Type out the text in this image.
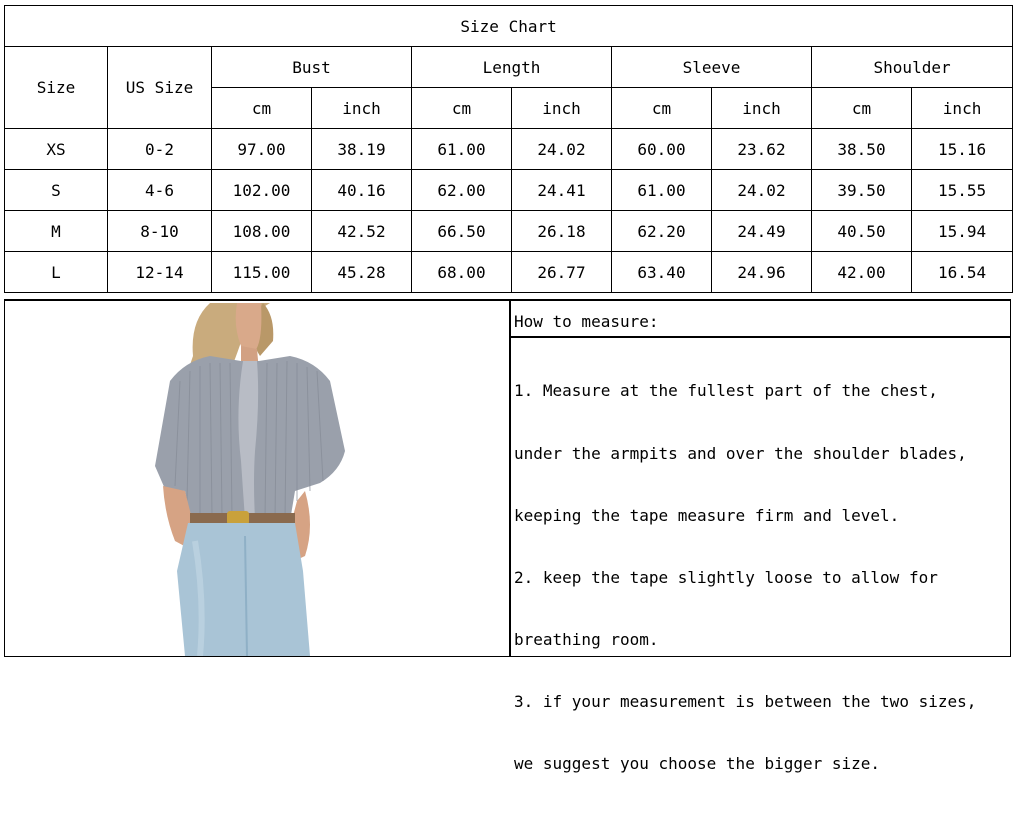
Size Chart									
Size	US Size	Bust		Length		Sleeve		Shoulder	
		cm	inch	cm	inch	cm	inch	cm	inch
XS	0-2	97.00	38.19	61.00	24.02	60.00	23.62	38.50	15.16
S	4-6	102.00	40.16	62.00	24.41	61.00	24.02	39.50	15.55
M	8-10	108.00	42.52	66.50	26.18	62.20	24.49	40.50	15.94
L	12-14	115.00	45.28	68.00	26.77	63.40	24.96	42.00	16.54
How to measure:

1. Measure at the fullest part of the chest,

under the armpits and over the shoulder blades,

keeping the tape measure firm and level.

2. keep the tape slightly loose to allow for

breathing room.

3. if your measurement is between the two sizes,

we suggest you choose the bigger size.
